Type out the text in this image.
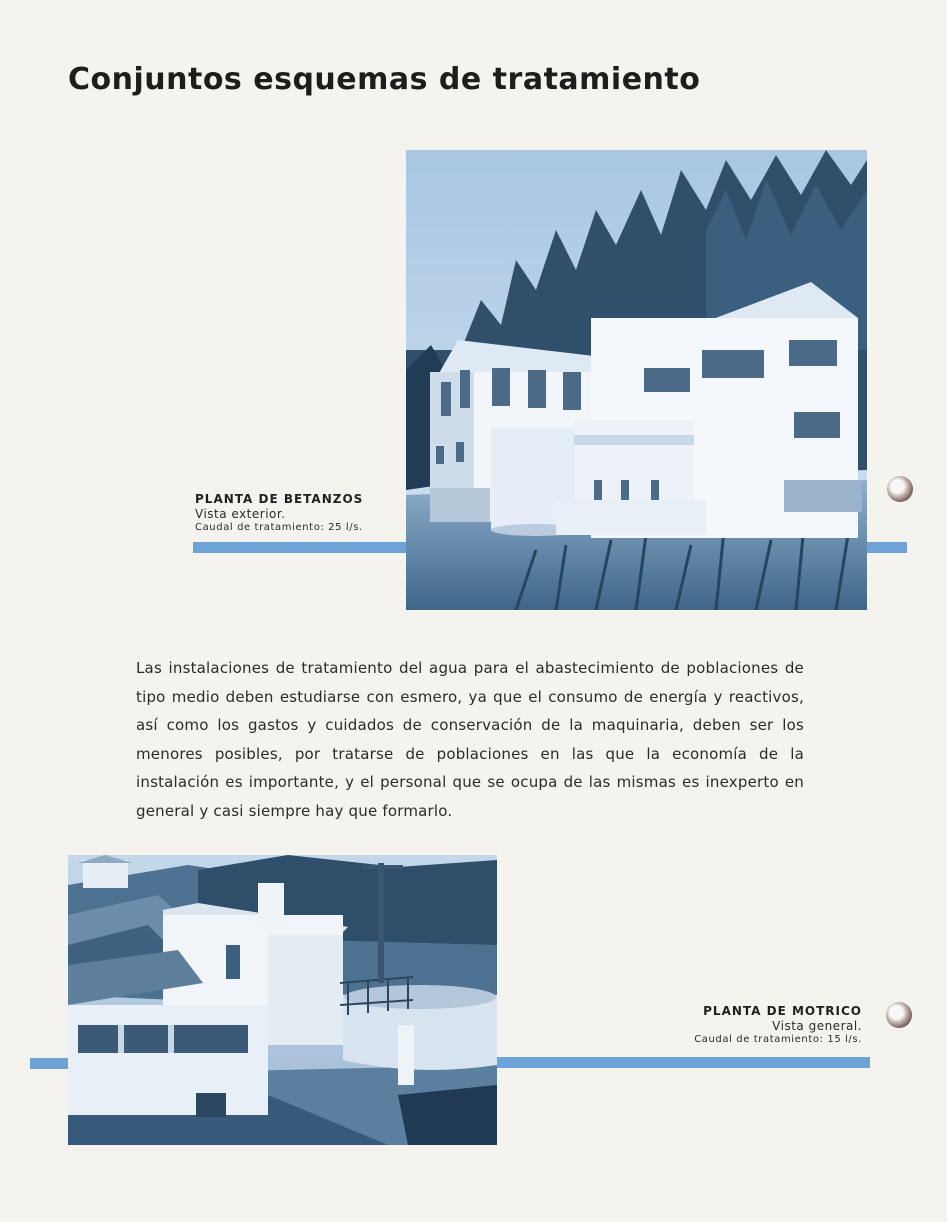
Conjuntos esquemas de tratamiento
PLANTA DE BETANZOS
Vista exterior.
Caudal de tratamiento: 25 l/s.

Las instalaciones de tratamiento del agua para el abastecimiento de poblaciones de tipo medio deben estudiarse con esmero, ya que el consumo de energía y reactivos, así como los gastos y cuidados de conservación de la maquinaria, deben ser los menores posibles, por tratarse de poblaciones en las que la economía de la instalación es importante, y el personal que se ocupa de las mismas es inexperto en general y casi siempre hay que formarlo.

PLANTA DE MOTRICO
Vista general.
Caudal de tratamiento: 15 l/s.
